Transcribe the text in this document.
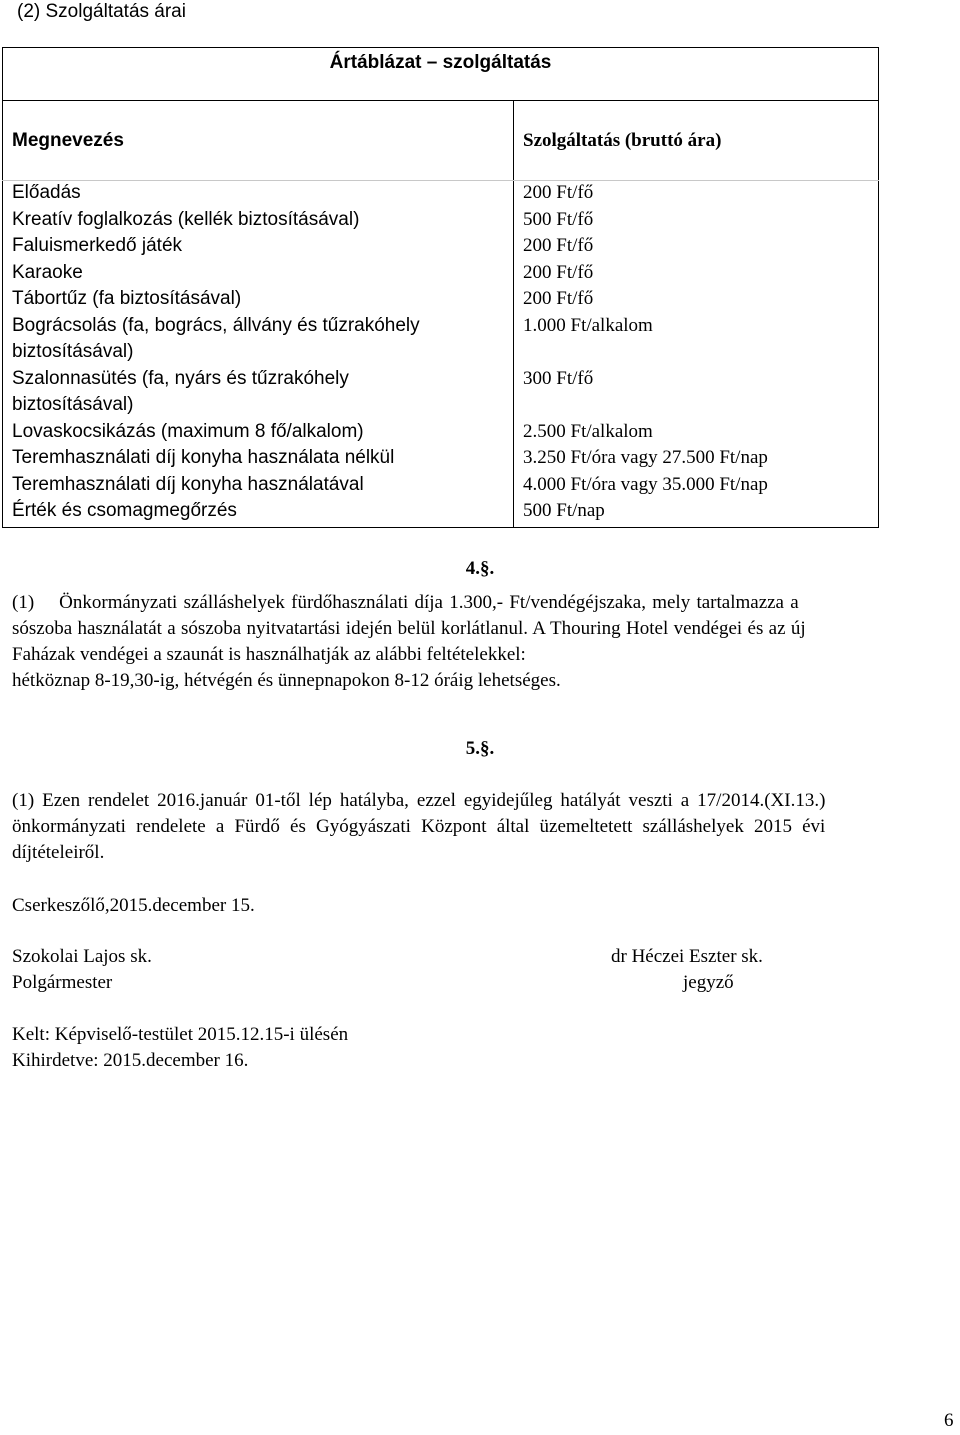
(2) Szolgáltatás árai
Ártáblázat – szolgáltatás
Megnevezés	Szolgáltatás (bruttó ára)
Előadás
Kreatív foglalkozás (kellék biztosításával)
Faluismerkedő játék
Karaoke
Tábortűz (fa biztosításával)
Bográcsolás (fa, bogrács, állvány és tűzrakóhely
biztosításával)
Szalonnasütés (fa, nyárs és tűzrakóhely
biztosításával)
Lovaskocsikázás (maximum 8 fő/alkalom)
Teremhasználati díj konyha használata nélkül
Teremhasználati díj konyha használatával
Érték és csomagmegőrzés
200 Ft/fő
500 Ft/fő
200 Ft/fő
200 Ft/fő
200 Ft/fő
1.000 Ft/alkalom
300 Ft/fő
2.500 Ft/alkalom
3.250 Ft/óra vagy 27.500 Ft/nap
4.000 Ft/óra vagy 35.000 Ft/nap
500 Ft/nap
4.§.
(1)    Önkormányzati szálláshelyek fürdőhasználati díja 1.300,- Ft/vendégéjszaka, mely tartalmazza a
sószoba használatát a sószoba nyitvatartási idején belül korlátlanul. A Thouring Hotel vendégei és az új
Faházak vendégei a szaunát is használhatják az alábbi feltételekkel:
hétköznap 8-19,30-ig, hétvégén és ünnepnapokon 8-12 óráig lehetséges.
5.§.
(1) Ezen rendelet 2016.január 01-től lép hatályba, ezzel egyidejűleg hatályát veszti a 17/2014.(XI.13.)
önkormányzati rendelete a Fürdő és Gyógyászati Központ által üzemeltetett szálláshelyek 2015 évi
díjtételeiről.
Cserkeszőlő,2015.december 15.
Szokolai Lajos sk.
Polgármester
dr Héczei Eszter sk.
jegyző
Kelt: Képviselő-testület 2015.12.15-i ülésén
Kihirdetve: 2015.december 16.
6
